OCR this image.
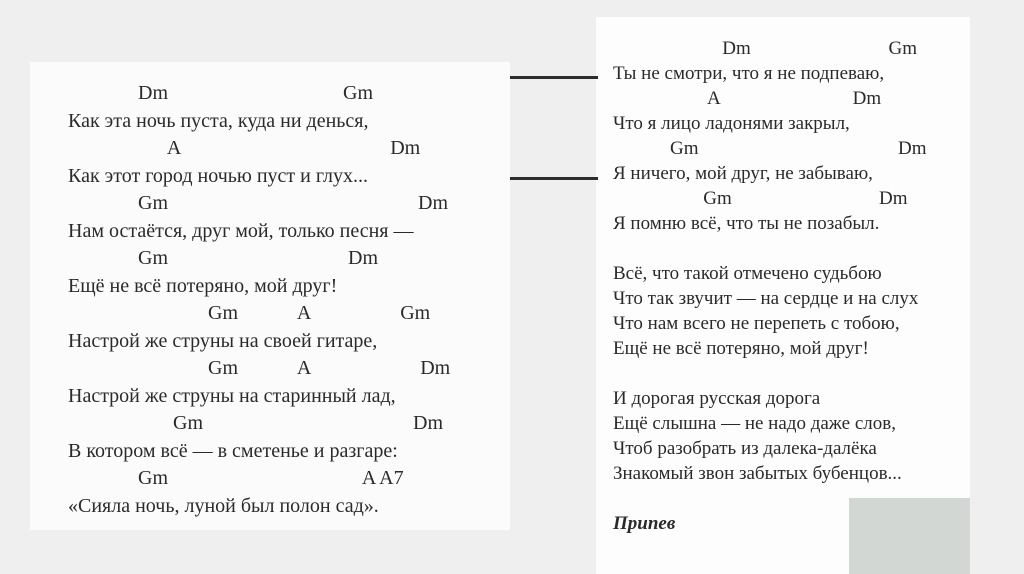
Dm                                   Gm
Как эта ночь пуста, куда ни денься,
A                                          Dm
Как этот город ночью пуст и глух...
Gm                                                  Dm
Нам остаётся, друг мой, только песня —
Gm                                    Dm
Ещё не всё потеряно, мой друг!
Gm            A                  Gm
Настрой же струны на своей гитаре,
Gm            A                      Dm
Настрой же струны на старинный лад,
Gm                                          Dm
В котором всё — в сметенье и разгаре:
Gm                                       A A7
«Сияла ночь, луной был полон сад».
Dm                             Gm
Ты не смотри, что я не подпеваю,
A                            Dm
Что я лицо ладонями закрыл,
Gm                                          Dm
Я ничего, мой друг, не забываю,
Gm                               Dm
Я помню всё, что ты не позабыл.

Всё, что такой отмечено судьбою
Что так звучит — на сердце и на слух
Что нам всего не перепеть с тобою,
Ещё не всё потеряно, мой друг!

И дорогая русская дорога
Ещё слышна — не надо даже слов,
Чтоб разобрать из далека-далёка
Знакомый звон забытых бубенцов...

Припев
